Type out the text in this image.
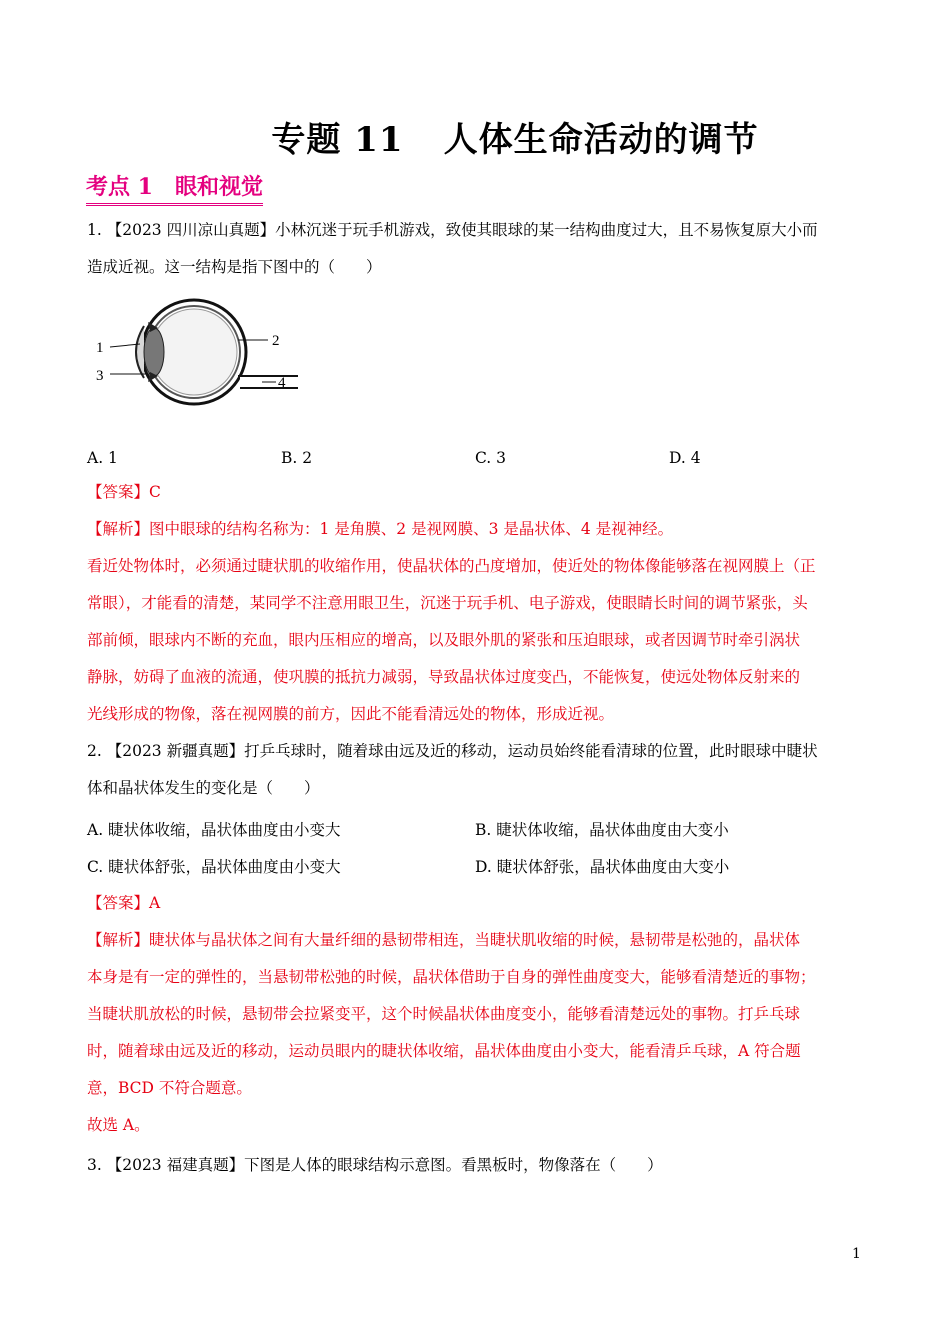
专题 11 人体生命活动的调节
考点 1　眼和视觉
1. 【2023 四川凉山真题】小林沉迷于玩手机游戏，致使其眼球的某一结构曲度过大，且不易恢复原大小而
造成近视。这一结构是指下图中的（　　）
1
3
2
4
A. 1	B. 2	C. 3	D. 4
【答案】C
【解析】图中眼球的结构名称为：1 是角膜、2 是视网膜、3 是晶状体、4 是视神经。
看近处物体时，必须通过睫状肌的收缩作用，使晶状体的凸度增加，使近处的物体像能够落在视网膜上（正
常眼），才能看的清楚，某同学不注意用眼卫生，沉迷于玩手机、电子游戏，使眼睛长时间的调节紧张，头
部前倾，眼球内不断的充血，眼内压相应的增高，以及眼外肌的紧张和压迫眼球，或者因调节时牵引涡状
静脉，妨碍了血液的流通，使巩膜的抵抗力减弱，导致晶状体过度变凸，不能恢复，使远处物体反射来的
光线形成的物像，落在视网膜的前方，因此不能看清远处的物体，形成近视。
2. 【2023 新疆真题】打乒乓球时，随着球由远及近的移动，运动员始终能看清球的位置，此时眼球中睫状
体和晶状体发生的变化是（　　）
A. 睫状体收缩，晶状体曲度由小变大	B. 睫状体收缩，晶状体曲度由大变小
C. 睫状体舒张，晶状体曲度由小变大	D. 睫状体舒张，晶状体曲度由大变小
【答案】A
【解析】睫状体与晶状体之间有大量纤细的悬韧带相连，当睫状肌收缩的时候，悬韧带是松弛的，晶状体
本身是有一定的弹性的，当悬韧带松弛的时候，晶状体借助于自身的弹性曲度变大，能够看清楚近的事物；
当睫状肌放松的时候，悬韧带会拉紧变平，这个时候晶状体曲度变小，能够看清楚远处的事物。打乒乓球
时，随着球由远及近的移动，运动员眼内的睫状体收缩，晶状体曲度由小变大，能看清乒乓球，A 符合题
意，BCD 不符合题意。
故选 A。
3. 【2023 福建真题】下图是人体的眼球结构示意图。看黑板时，物像落在（　　）
1
